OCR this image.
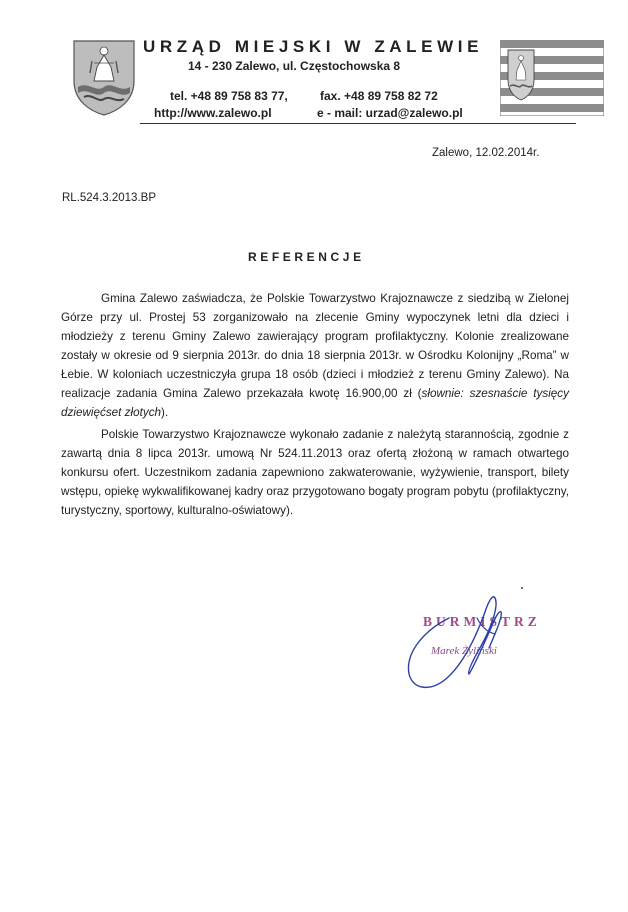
URZĄD MIEJSKI W ZALEWIE
14 - 230 Zalewo, ul. Częstochowska 8
tel. +48 89 758 83 77,	fax. +48 89 758 82 72
http://www.zalewo.pl	e - mail: urzad@zalewo.pl
Zalewo, 12.02.2014r.
RL.524.3.2013.BP
REFERENCJE

Gmina Zalewo zaświadcza, że Polskie Towarzystwo Krajoznawcze z siedzibą w Zielonej Górze przy ul. Prostej 53 zorganizowało na zlecenie Gminy wypoczynek letni dla dzieci i młodzieży z terenu Gminy Zalewo zawierający program profilaktyczny. Kolonie zrealizowane zostały w okresie od 9 sierpnia 2013r. do dnia 18 sierpnia 2013r. w Ośrodku Kolonijny „Roma” w Łebie. W koloniach uczestniczyła grupa 18 osób (dzieci i młodzież z terenu Gminy Zalewo). Na realizacje zadania Gmina Zalewo przekazała kwotę 16.900,00 zł (słownie: szesnaście tysięcy dziewięćset złotych).

Polskie Towarzystwo Krajoznawcze wykonało zadanie z należytą starannością, zgodnie z zawartą dnia 8 lipca 2013r. umową Nr 524.11.2013 oraz ofertą złożoną w ramach otwartego konkursu ofert. Uczestnikom zadania zapewniono zakwaterowanie, wyżywienie, transport, bilety wstępu, opiekę wykwalifikowanej kadry oraz przygotowano bogaty program pobytu (profilaktyczny, turystyczny, sportowy, kulturalno-oświatowy).

BURMISTRZ
Marek Żyliński
